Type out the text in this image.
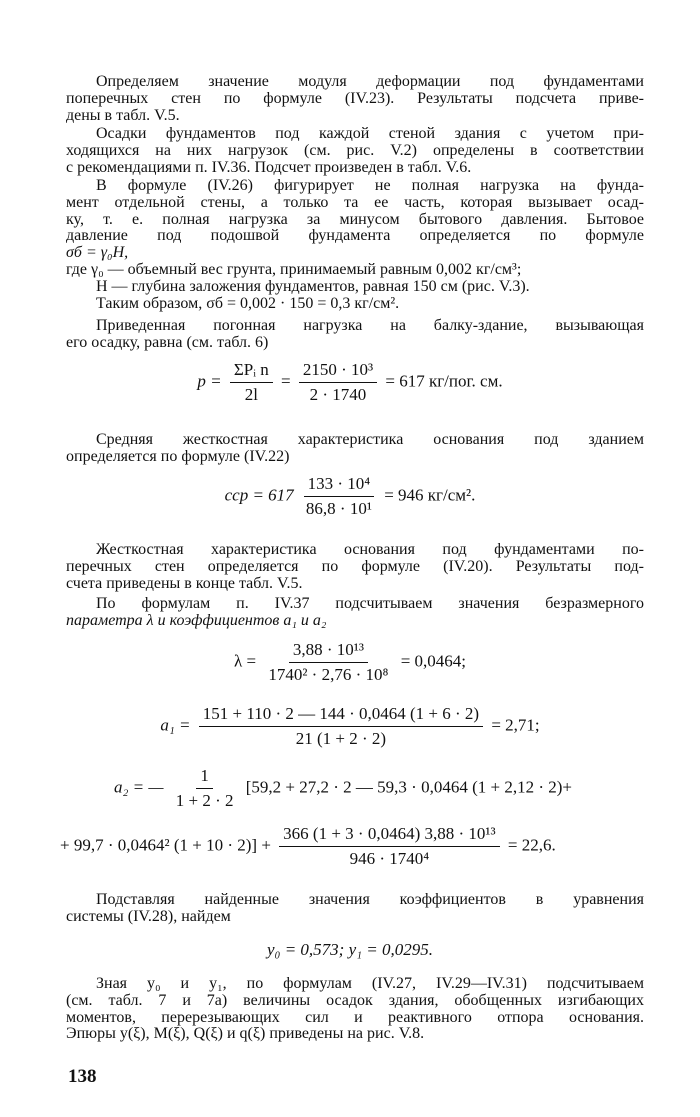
Определяем значение модуля деформации под фундаментами
поперечных стен по формуле (IV.23). Результаты подсчета приве-
дены в табл. V.5.
Осадки фундаментов под каждой стеной здания с учетом при-
ходящихся на них нагрузок (см. рис. V.2) определены в соответствии
с рекомендациями п. IV.36. Подсчет произведен в табл. V.6.
В формуле (IV.26) фигурирует не полная нагрузка на фунда-
мент отдельной стены, а только та ее часть, которая вызывает осад-
ку, т. е. полная нагрузка за минусом бытового давления. Бытовое
давление под подошвой фундамента определяется по формуле
σб = γ₀H,
где γ₀ — объемный вес грунта, принимаемый равным 0,002 кг/см³;
H — глубина заложения фундаментов, равная 150 см (рис. V.3).
Таким образом, σб = 0,002 · 150 = 0,3 кг/см².
Приведенная погонная нагрузка на балку-здание, вызывающая
его осадку, равна (см. табл. 6)
$p = \frac{\text{ΣPᵢ n}}{2l} = \frac{\text{2150 · 10³}}{2 \cdot 1740} = 617$ кг/пог. см.
Средняя жесткостная характеристика основания под зданием
определяется по формуле (IV.22)
cср = $617 \frac{\text{133 · 10⁴}}{\text{86,8 · 10¹}} = 946$ кг/см².
Жесткостная характеристика основания под фундаментами по-
перечных стен определяется по формуле (IV.20). Результаты под-
счета приведены в конце табл. V.5.
По формулам п. IV.37 подсчитываем значения безразмерного
параметра λ и коэффициентов a₁ и a₂
$\lambda = \frac{\text{3,88 · 10¹³}}{\text{1740² · 2,76 · 10⁸}} = 0,0464$;
$a_1 = \frac{151 + 110 \cdot 2 — 144 \cdot 0,0464 (1 + 6 \cdot 2)}{21 (1 + 2 \cdot 2)} = 2,71$;
a₂ = — $\frac{1}{1 + 2 \cdot 2} [59,2 + 27,2 \cdot 2$ — 59,3 · 0,0464 (1 + 2,12 · 2)+
+ 99,7 · 0,0464² $(1 + 10 \cdot 2)] + \frac{\text{366 (1 + 3 · 0,0464) 3,88 · 10¹³}}{\text{946 · 1740⁴}} = 22,6$.
Подставляя найденные значения коэффициентов в уравнения
системы (IV.28), найдем
y₀ = 0,573; y₁ = 0,0295.
Зная y₀ и y₁, по формулам (IV.27, IV.29—IV.31) подсчитываем
(см. табл. 7 и 7а) величины осадок здания, обобщенных изгибающих
моментов, перерезывающих сил и реактивного отпора основания.
Эпюры y(ξ), M(ξ), Q(ξ) и q(ξ) приведены на рис. V.8.
138
